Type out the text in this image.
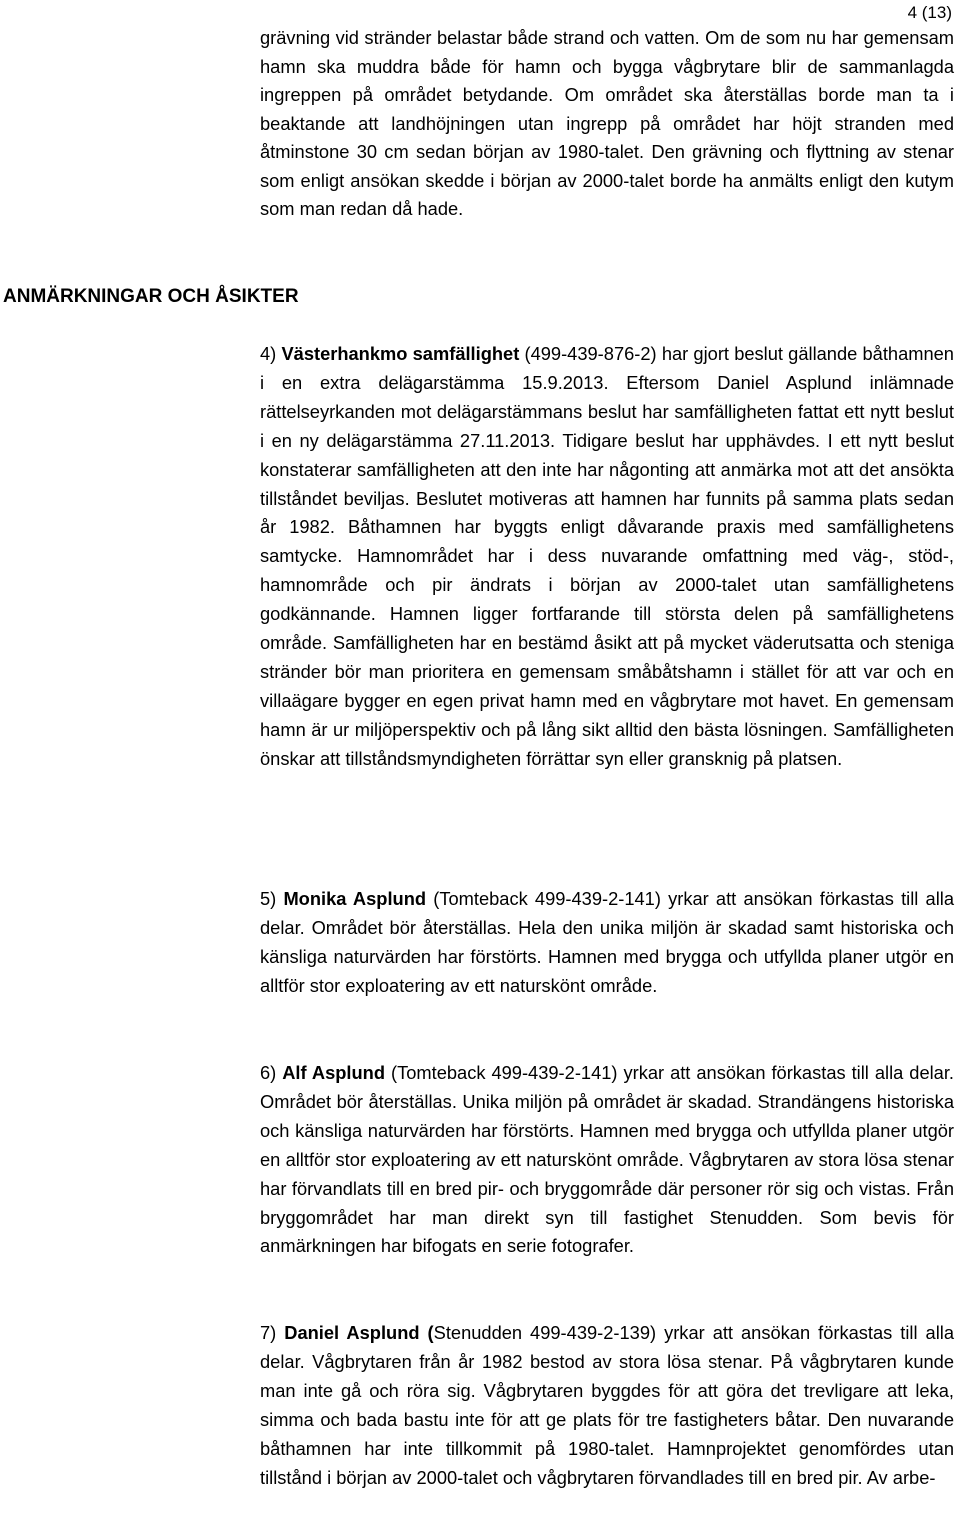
4 (13)
ANMÄRKNINGAR OCH ÅSIKTER

grävning vid stränder belastar både strand och vatten. Om de som nu har gemensam hamn ska muddra både för hamn och bygga vågbrytare blir de sammanlagda ingreppen på området betydande. Om området ska återställas borde man ta i beaktande att landhöjningen utan ingrepp på området har höjt stranden med åtminstone 30 cm sedan början av 1980-talet. Den grävning och flyttning av stenar som enligt ansökan skedde i början av 2000-talet borde ha anmälts enligt den kutym som man redan då hade.

4) Västerhankmo samfällighet (499-439-876-2) har gjort beslut gällande båthamnen i en extra delägarstämma 15.9.2013. Eftersom Daniel Asplund inlämnade rättelseyrkanden mot delägarstämmans beslut har samfälligheten fattat ett nytt beslut i en ny delägarstämma 27.11.2013. Tidigare beslut har upphävdes. I ett nytt beslut konstaterar samfälligheten att den inte har någonting att anmärka mot att det ansökta tillståndet beviljas. Beslutet motiveras att hamnen har funnits på samma plats sedan år 1982. Båthamnen har byggts enligt dåvarande praxis med samfällighetens samtycke. Hamnområdet har i dess nuvarande omfattning med väg-, stöd-, hamnområde och pir ändrats i början av 2000-talet utan samfällighetens godkännande. Hamnen ligger fortfarande till största delen på samfällighetens område. Samfälligheten har en bestämd åsikt att på mycket väderutsatta och steniga stränder bör man prioritera en gemensam småbåtshamn i stället för att var och en villaägare bygger en egen privat hamn med en vågbrytare mot havet. En gemensam hamn är ur miljöperspektiv och på lång sikt alltid den bästa lösningen. Samfälligheten önskar att tillståndsmyndigheten förrättar syn eller gransknig på platsen.

5) Monika Asplund (Tomteback 499-439-2-141) yrkar att ansökan förkastas till alla delar. Området bör återställas. Hela den unika miljön är skadad samt historiska och känsliga naturvärden har förstörts. Hamnen med brygga och utfyllda planer utgör en alltför stor exploatering av ett naturskönt område.

6) Alf Asplund (Tomteback 499-439-2-141) yrkar att ansökan förkastas till alla delar. Området bör återställas. Unika miljön på området är skadad. Strandängens historiska och känsliga naturvärden har förstörts. Hamnen med brygga och utfyllda planer utgör en alltför stor exploatering av ett naturskönt område. Vågbrytaren av stora lösa stenar har förvandlats till en bred pir- och bryggområde där personer rör sig och vistas. Från bryggområdet har man direkt syn till fastighet Stenudden. Som bevis för anmärkningen har bifogats en serie fotografer.

7) Daniel Asplund (Stenudden 499-439-2-139) yrkar att ansökan förkastas till alla delar. Vågbrytaren från år 1982 bestod av stora lösa stenar. På vågbrytaren kunde man inte gå och röra sig. Vågbrytaren byggdes för att göra det trevligare att leka, simma och bada bastu inte för att ge plats för tre fastigheters båtar. Den nuvarande båthamnen har inte tillkommit på 1980-talet. Hamnprojektet genomfördes utan tillstånd i början av 2000-talet och vågbrytaren förvandlades till en bred pir. Av arbe-
